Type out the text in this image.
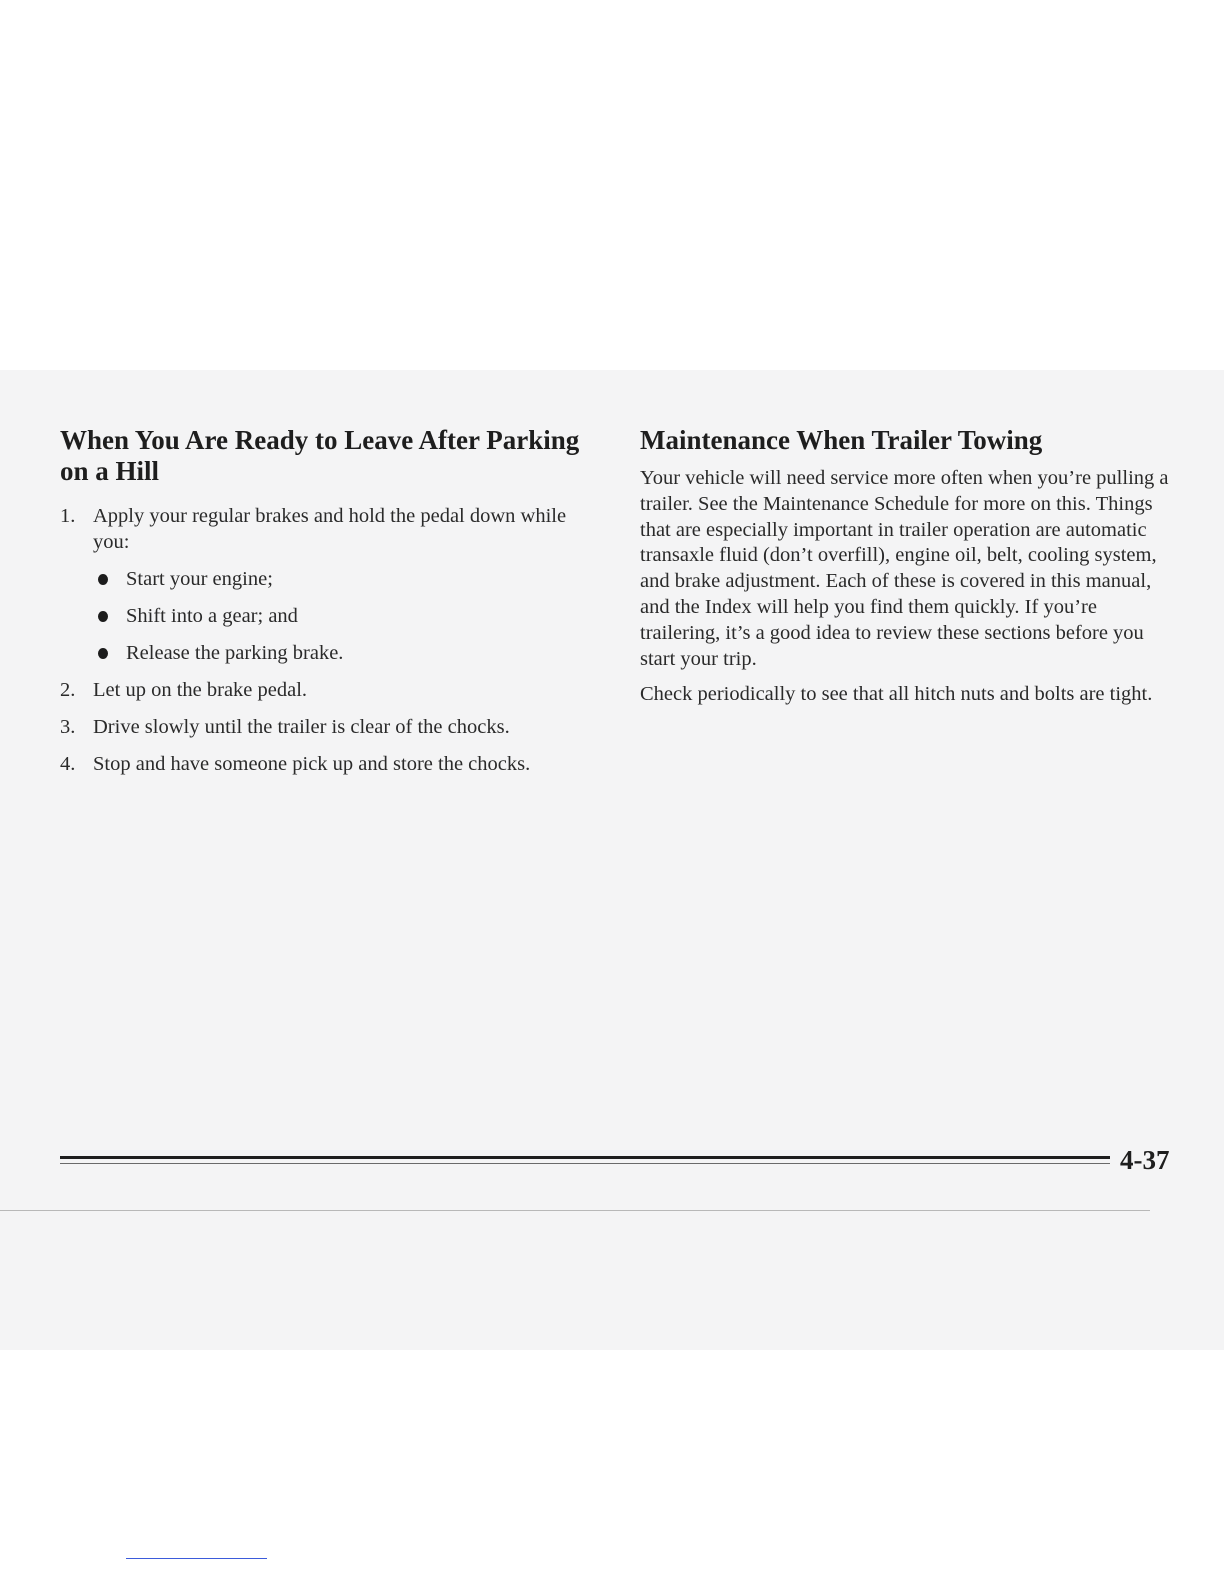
When You Are Ready to Leave After Parking on a Hill
1. Apply your regular brakes and hold the pedal down while you:
Start your engine;
Shift into a gear; and
Release the parking brake.
2. Let up on the brake pedal.
3. Drive slowly until the trailer is clear of the chocks.
4. Stop and have someone pick up and store the chocks.
Maintenance When Trailer Towing

Your vehicle will need service more often when you’re pulling a trailer. See the Maintenance Schedule for more on this. Things that are especially important in trailer operation are automatic transaxle fluid (don’t overfill), engine oil, belt, cooling system, and brake adjustment. Each of these is covered in this manual, and the Index will help you find them quickly. If you’re trailering, it’s a good idea to review these sections before you start your trip.

Check periodically to see that all hitch nuts and bolts are tight.

4-37
